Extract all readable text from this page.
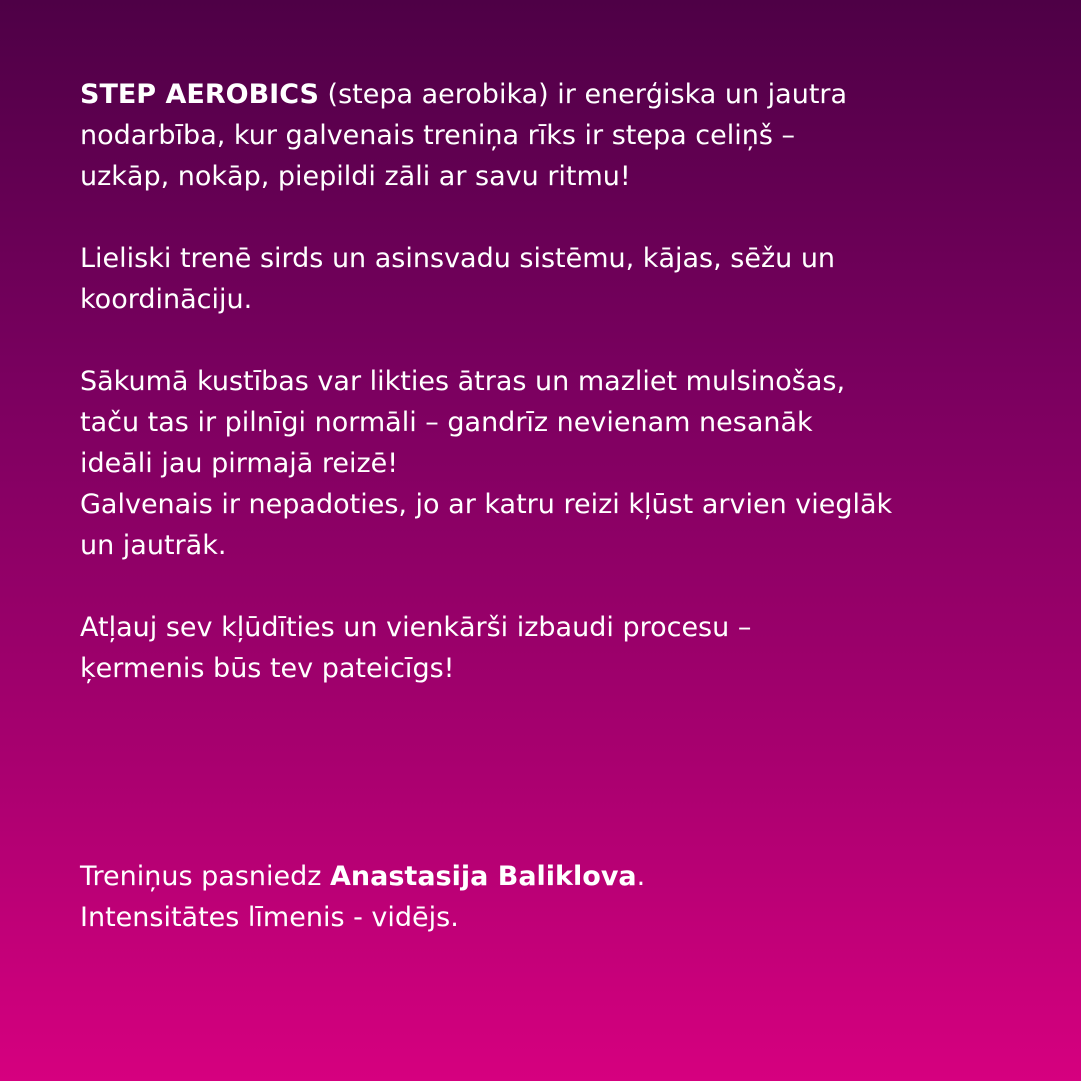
STEP AEROBICS (stepa aerobika) ir enerģiska un jautra
nodarbība, kur galvenais treniņa rīks ir stepa celiņš –
uzkāp, nokāp, piepildi zāli ar savu ritmu!

Lieliski trenē sirds un asinsvadu sistēmu, kājas, sēžu un
koordināciju.

Sākumā kustības var likties ātras un mazliet mulsinošas,
taču tas ir pilnīgi normāli – gandrīz nevienam nesanāk
ideāli jau pirmajā reizē!
Galvenais ir nepadoties, jo ar katru reizi kļūst arvien vieglāk
un jautrāk.

Atļauj sev kļūdīties un vienkārši izbaudi procesu –
ķermenis būs tev pateicīgs!

Treniņus pasniedz Anastasija Baliklova.
Intensitātes līmenis - vidējs.
